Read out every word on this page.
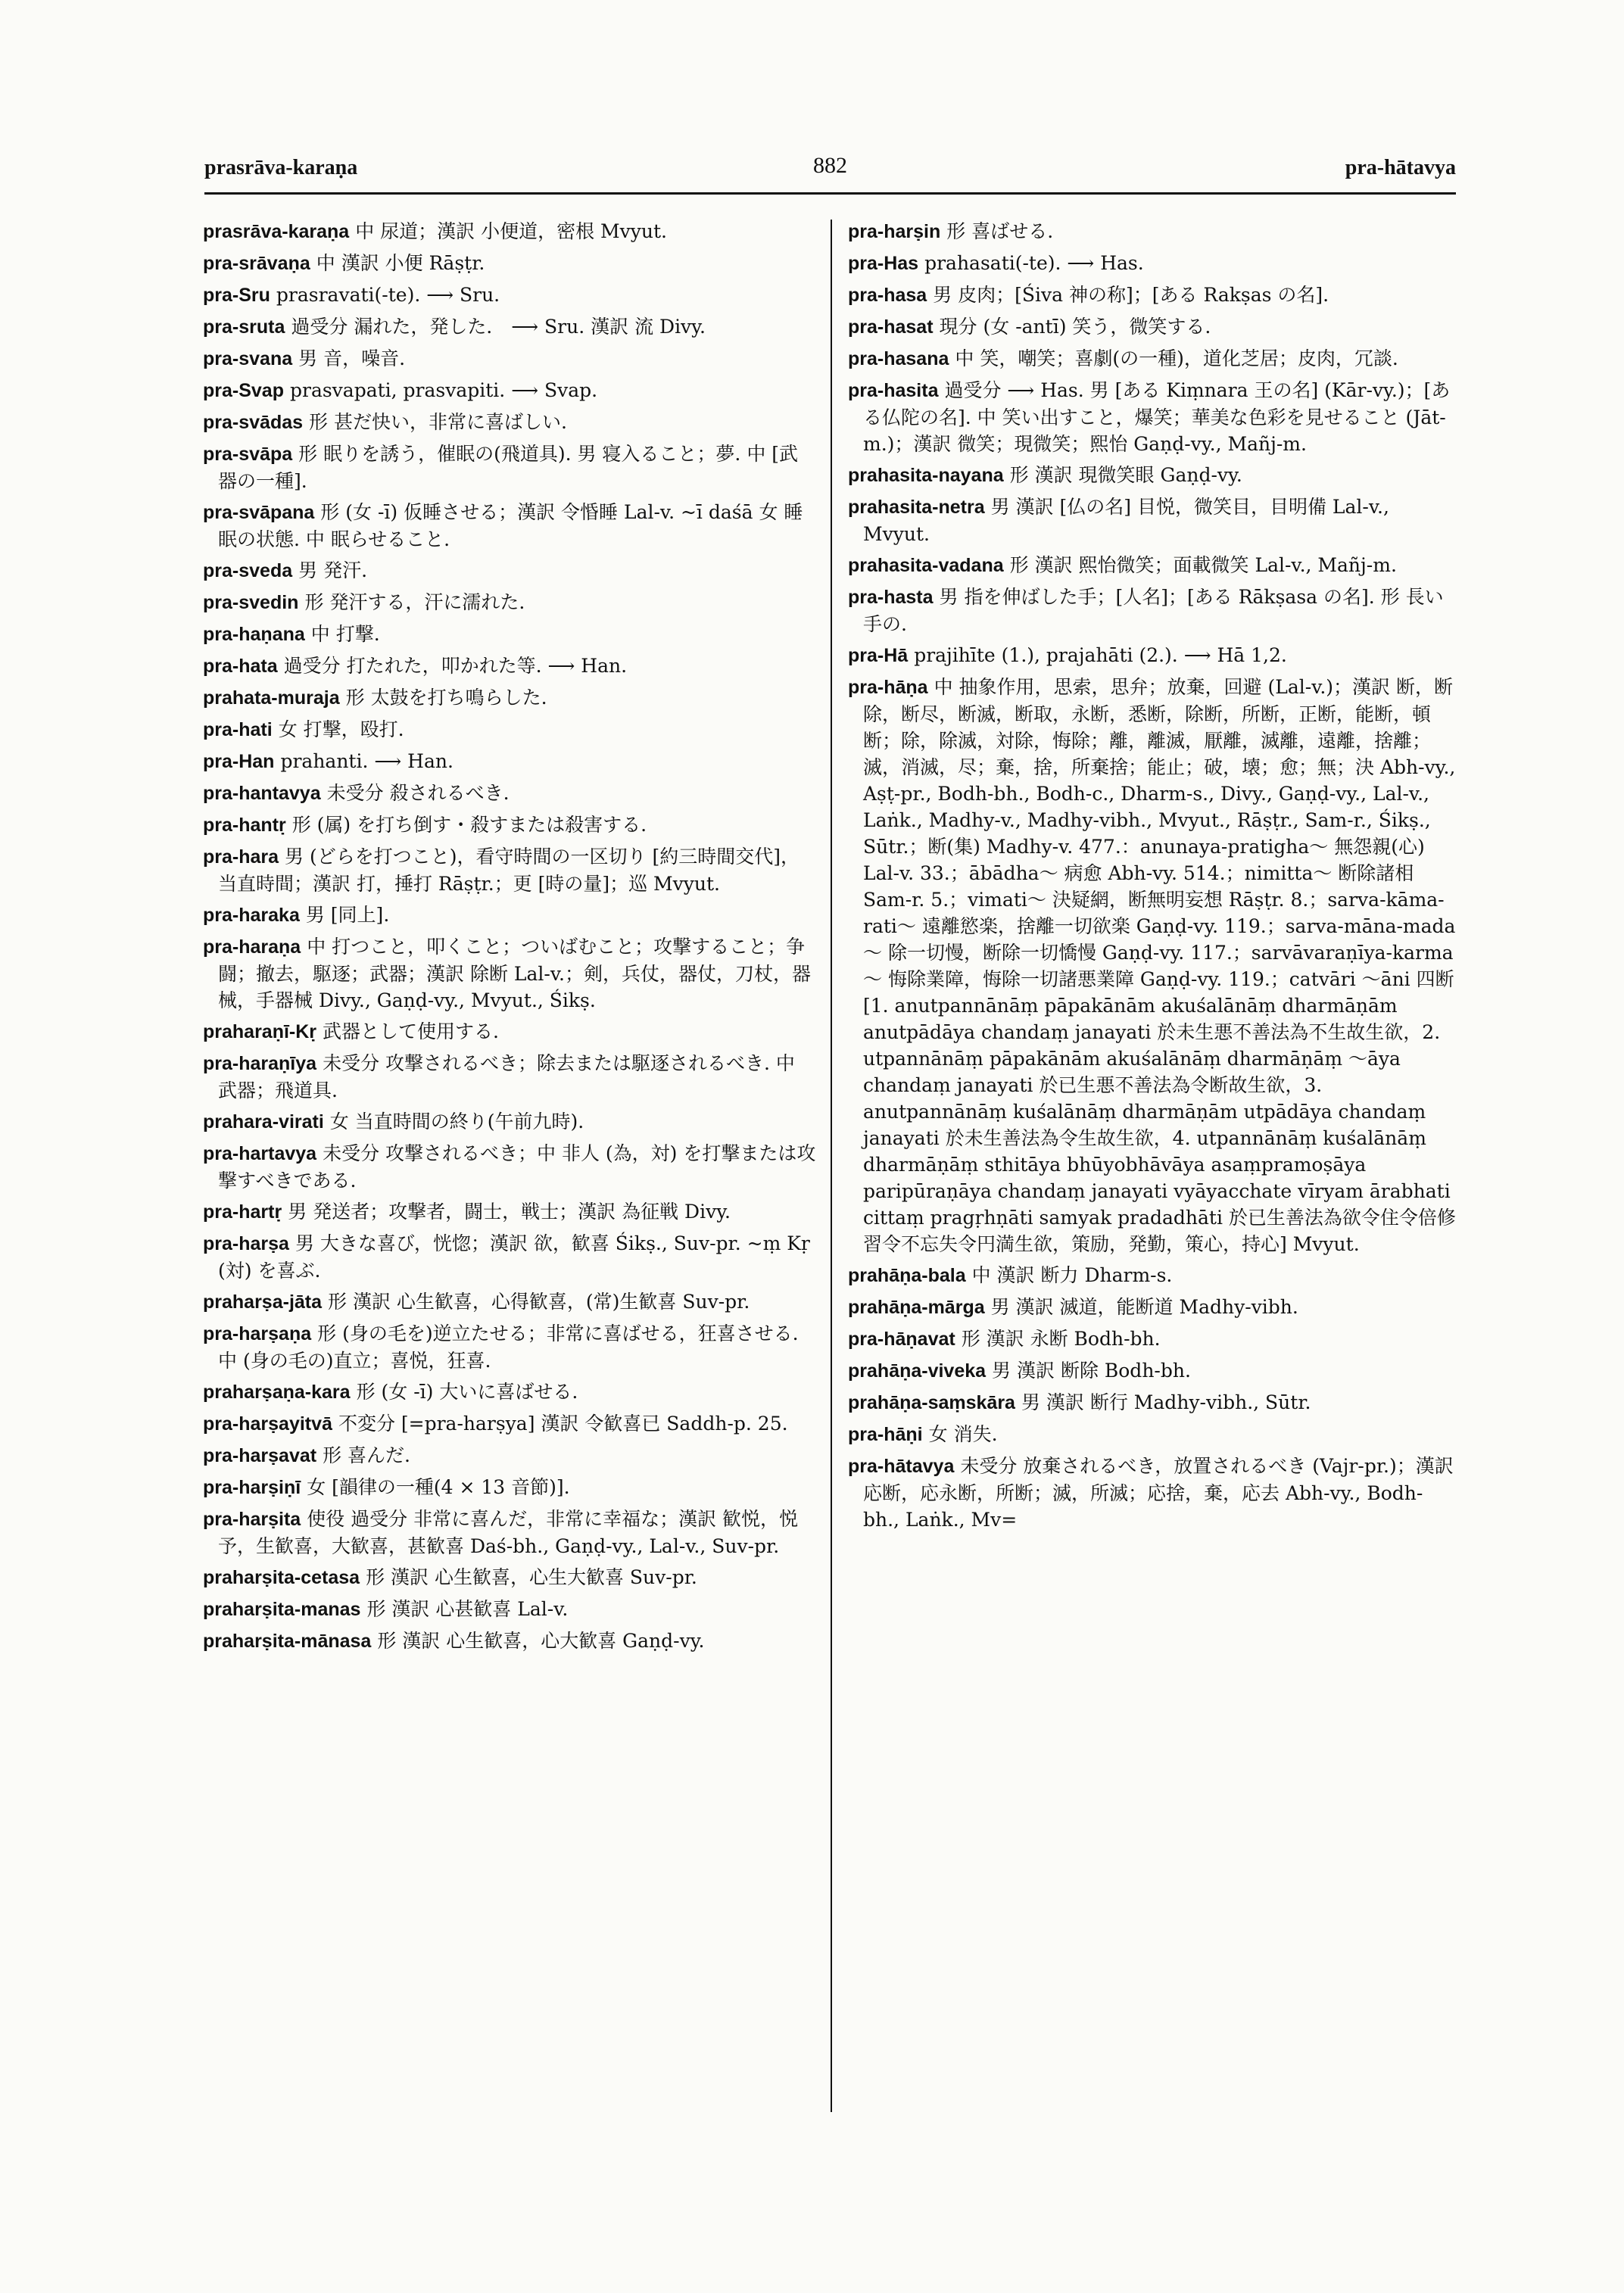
prasrāva-karaṇa	882	pra-hātavya
prasrāva-karaṇa 中 尿道；漢訳 小便道，密根 Mvyut.
pra-srāvaṇa 中 漢訳 小便 Rāṣṭr.
pra-Sru prasravati(-te). ⟶ Sru.
pra-sruta 過受分 漏れた，発した． ⟶ Sru. 漢訳 流 Divy.
pra-svana 男 音，噪音.
pra-Svap prasvapati, prasvapiti. ⟶ Svap.
pra-svādas 形 甚だ快い，非常に喜ばしい.
pra-svāpa 形 眠りを誘う，催眠の(飛道具). 男 寝入ること；夢. 中 [武器の一種].
pra-svāpana 形 (女 -ī) 仮睡させる；漢訳 令惛睡 Lal-v. ~ī daśā 女 睡眠の状態. 中 眠らせること.
pra-sveda 男 発汗.
pra-svedin 形 発汗する，汗に濡れた.
pra-haṇana 中 打撃.
pra-hata 過受分 打たれた，叩かれた等. ⟶ Han.
prahata-muraja 形 太鼓を打ち鳴らした.
pra-hati 女 打撃，殴打.
pra-Han prahanti. ⟶ Han.
pra-hantavya 未受分 殺されるべき.
pra-hantṛ 形 (属) を打ち倒す・殺すまたは殺害する.
pra-hara 男 (どらを打つこと)，看守時間の一区切り [約三時間交代]，当直時間；漢訳 打，捶打 Rāṣṭr.；更 [時の量]；巡 Mvyut.
pra-haraka 男 [同上].
pra-haraṇa 中 打つこと，叩くこと；ついばむこと；攻撃すること；争闘；撤去，駆逐；武器；漢訳 除断 Lal-v.；剣，兵仗，器仗，刀杖，器械，手器械 Divy., Gaṇḍ-vy., Mvyut., Śikṣ.
praharaṇī-Kṛ 武器として使用する.
pra-haraṇīya 未受分 攻撃されるべき；除去または駆逐されるべき. 中 武器；飛道具.
prahara-virati 女 当直時間の終り(午前九時).
pra-hartavya 未受分 攻撃されるべき；中 非人 (為，対) を打撃または攻撃すべきである.
pra-hartṛ 男 発送者；攻撃者，闘士，戦士；漢訳 為征戦 Divy.
pra-harṣa 男 大きな喜び，恍惚；漢訳 欲，歓喜 Śikṣ., Suv-pr. ~ṃ Kṛ (対) を喜ぶ.
praharṣa-jāta 形 漢訳 心生歓喜，心得歓喜，(常)生歓喜 Suv-pr.
pra-harṣaṇa 形 (身の毛を)逆立たせる；非常に喜ばせる，狂喜させる. 中 (身の毛の)直立；喜悦，狂喜.
praharṣaṇa-kara 形 (女 -ī) 大いに喜ばせる.
pra-harṣayitvā 不変分 [=pra-harṣya] 漢訳 令歓喜已 Saddh-p. 25.
pra-harṣavat 形 喜んだ.
pra-harṣiṇī 女 [韻律の一種(4 × 13 音節)].
pra-harṣita 使役 過受分 非常に喜んだ，非常に幸福な；漢訳 歓悦，悦予，生歓喜，大歓喜，甚歓喜 Daś-bh., Gaṇḍ-vy., Lal-v., Suv-pr.
praharṣita-cetasa 形 漢訳 心生歓喜，心生大歓喜 Suv-pr.
praharṣita-manas 形 漢訳 心甚歓喜 Lal-v.
praharṣita-mānasa 形 漢訳 心生歓喜，心大歓喜 Gaṇḍ-vy.
pra-harṣin 形 喜ばせる.
pra-Has prahasati(-te). ⟶ Has.
pra-hasa 男 皮肉；[Śiva 神の称]；[ある Rakṣas の名].
pra-hasat 現分 (女 -antī) 笑う，微笑する.
pra-hasana 中 笑，嘲笑；喜劇(の一種)，道化芝居；皮肉，冗談.
pra-hasita 過受分 ⟶ Has. 男 [ある Kiṃnara 王の名] (Kār-vy.)；[ある仏陀の名]. 中 笑い出すこと，爆笑；華美な色彩を見せること (Jāt-m.)；漢訳 微笑；現微笑；熙怡 Gaṇḍ-vy., Mañj-m.
prahasita-nayana 形 漢訳 現微笑眼 Gaṇḍ-vy.
prahasita-netra 男 漢訳 [仏の名] 目悦，微笑目，目明備 Lal-v., Mvyut.
prahasita-vadana 形 漢訳 熙怡微笑；面載微笑 Lal-v., Mañj-m.
pra-hasta 男 指を伸ばした手；[人名]；[ある Rākṣasa の名]. 形 長い手の.
pra-Hā prajihīte (1.), prajahāti (2.). ⟶ Hā 1,2.
pra-hāṇa 中 抽象作用，思索，思弁；放棄，回避 (Lal-v.)；漢訳 断，断除，断尽，断滅，断取，永断，悉断，除断，所断，正断，能断，頓断；除，除滅，対除，悔除；離，離滅，厭離，滅離，遠離，捨離；滅，消滅，尽；棄，捨，所棄捨；能止；破，壊；愈；無；決 Abh-vy., Aṣṭ-pr., Bodh-bh., Bodh-c., Dharm-s., Divy., Gaṇḍ-vy., Lal-v., Laṅk., Madhy-v., Madhy-vibh., Mvyut., Rāṣṭr., Sam-r., Śikṣ., Sūtr.；断(集) Madhy-v. 477.：anunaya-pratigha～ 無怨親(心) Lal-v. 33.；ābādha～ 病愈 Abh-vy. 514.；nimitta～ 断除諸相 Sam-r. 5.；vimati～ 決疑網，断無明妄想 Rāṣṭr. 8.；sarva-kāma-rati～ 遠離慾楽，捨離一切欲楽 Gaṇḍ-vy. 119.；sarva-māna-mada～ 除一切慢，断除一切憍慢 Gaṇḍ-vy. 117.；sarvāvaraṇīya-karma～ 悔除業障，悔除一切諸悪業障 Gaṇḍ-vy. 119.；catvāri ～āni 四断 [1. anutpannānāṃ pāpakānām akuśalānāṃ dharmāṇām anutpādāya chandaṃ janayati 於未生悪不善法為不生故生欲，2. utpannānāṃ pāpakānām akuśalānāṃ dharmāṇāṃ ～āya chandaṃ janayati 於已生悪不善法為令断故生欲，3. anutpannānāṃ kuśalānāṃ dharmāṇām utpādāya chandaṃ janayati 於未生善法為令生故生欲，4. utpannānāṃ kuśalānāṃ dharmāṇāṃ sthitāya bhūyobhāvāya asaṃpramoṣāya paripūraṇāya chandaṃ janayati vyāyacchate vīryam ārabhati cittaṃ pragṛhṇāti samyak pradadhāti 於已生善法為欲令住令倍修習令不忘失令円満生欲，策励，発勤，策心，持心] Mvyut.
prahāṇa-bala 中 漢訳 断力 Dharm-s.
prahāṇa-mārga 男 漢訳 滅道，能断道 Madhy-vibh.
pra-hāṇavat 形 漢訳 永断 Bodh-bh.
prahāṇa-viveka 男 漢訳 断除 Bodh-bh.
prahāṇa-saṃskāra 男 漢訳 断行 Madhy-vibh., Sūtr.
pra-hāṇi 女 消失.
pra-hātavya 未受分 放棄されるべき，放置されるべき (Vajr-pr.)；漢訳 応断，応永断，所断；滅，所滅；応捨，棄，応去 Abh-vy., Bodh-bh., Laṅk., Mv=
